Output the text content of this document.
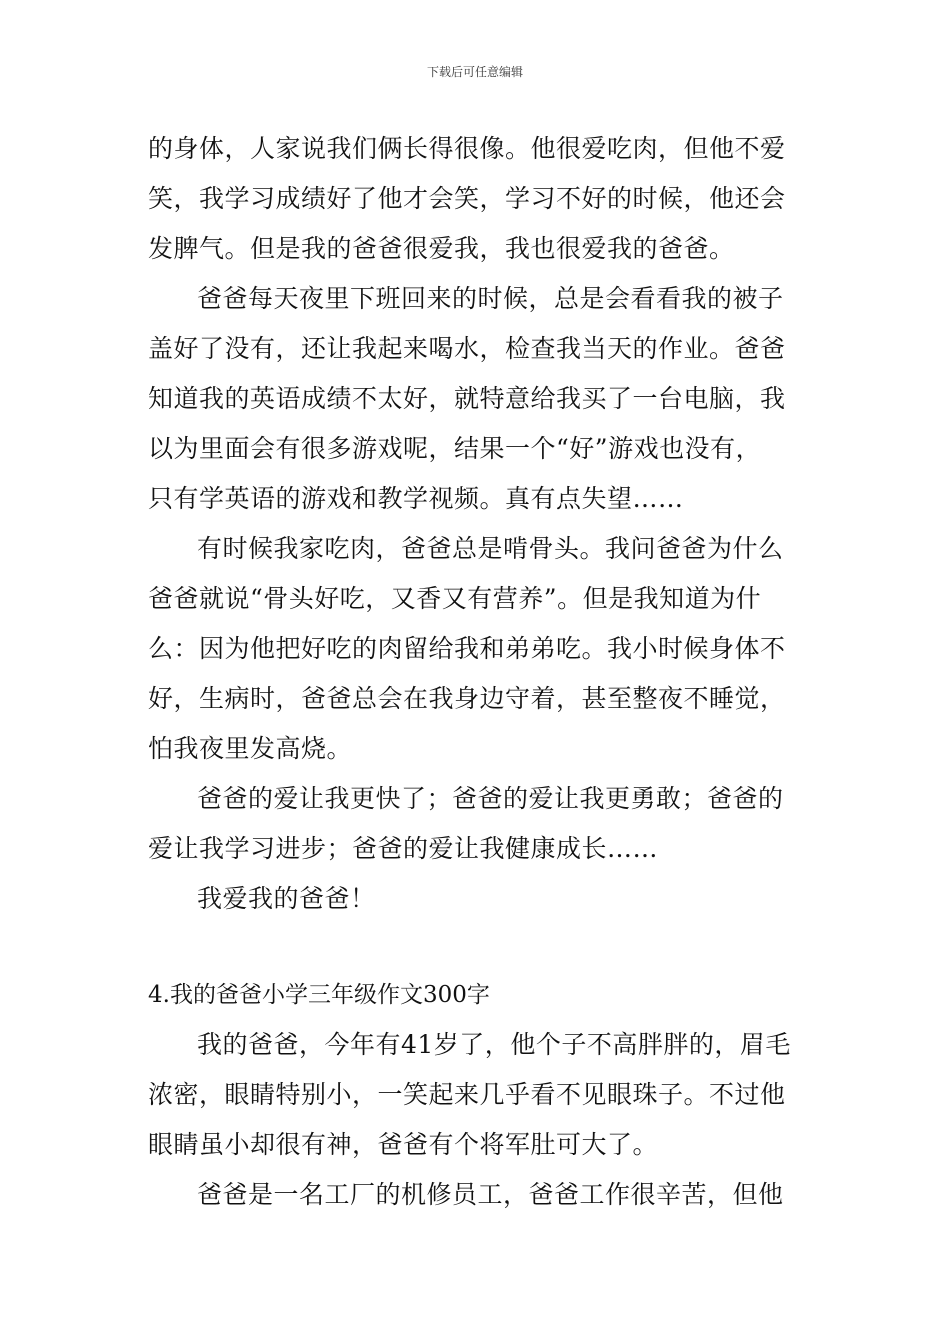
下载后可任意编辑
的身体，人家说我们俩长得很像。他很爱吃肉，但他不爱
笑，我学习成绩好了他才会笑，学习不好的时候，他还会
发脾气。但是我的爸爸很爱我，我也很爱我的爸爸。
爸爸每天夜里下班回来的时候，总是会看看我的被子
盖好了没有，还让我起来喝水，检查我当天的作业。爸爸
知道我的英语成绩不太好，就特意给我买了一台电脑，我
以为里面会有很多游戏呢，结果一个“好”游戏也没有，
只有学英语的游戏和教学视频。真有点失望……
有时候我家吃肉，爸爸总是啃骨头。我问爸爸为什么
爸爸就说“骨头好吃，又香又有营养”。但是我知道为什
么：因为他把好吃的肉留给我和弟弟吃。我小时候身体不
好，生病时，爸爸总会在我身边守着，甚至整夜不睡觉，
怕我夜里发高烧。
爸爸的爱让我更快了；爸爸的爱让我更勇敢；爸爸的
爱让我学习进步；爸爸的爱让我健康成长……
我爱我的爸爸！
4.我的爸爸小学三年级作文300字
我的爸爸，今年有41岁了，他个子不高胖胖的，眉毛
浓密，眼睛特别小，一笑起来几乎看不见眼珠子。不过他
眼睛虽小却很有神，爸爸有个将军肚可大了。
爸爸是一名工厂的机修员工，爸爸工作很辛苦，但他
